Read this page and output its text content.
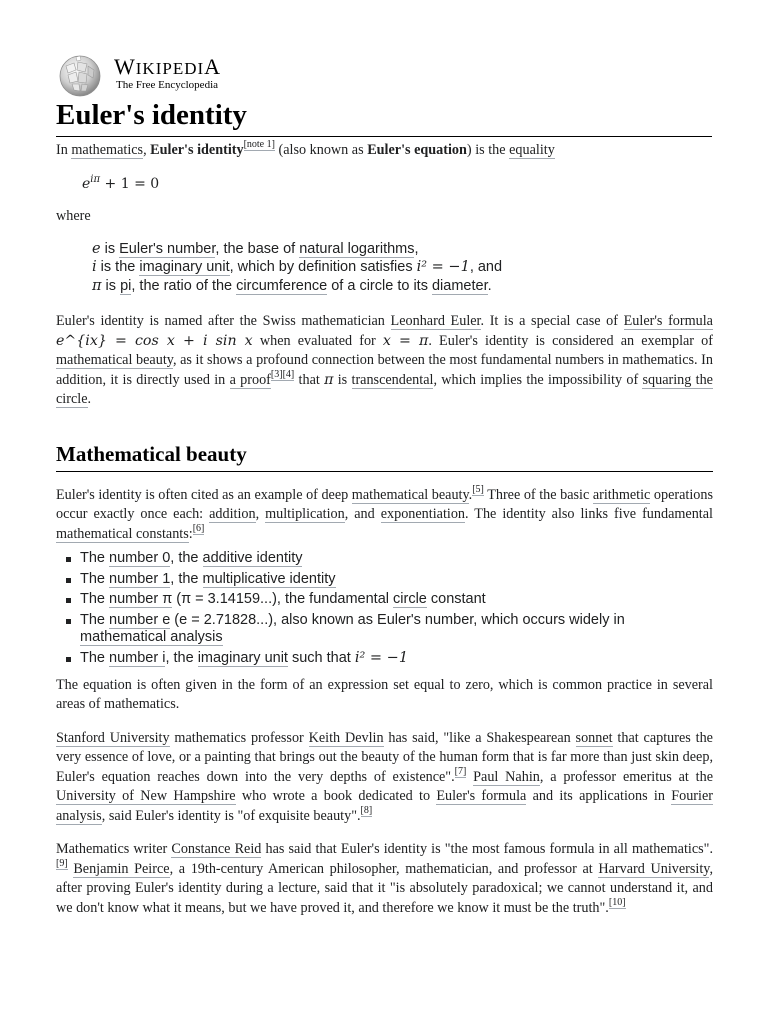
WIKIPEDIA
The Free Encyclopedia
Euler's identity

In mathematics, Euler's identity[note 1] (also known as Euler's equation) is the equality

$e^{i\pi} + 1 = 0$
where
e is Euler's number, the base of natural logarithms,
i is the imaginary unit, which by definition satisfies i² = −1, and
π is pi, the ratio of the circumference of a circle to its diameter.

Euler's identity is named after the Swiss mathematician Leonhard Euler. It is a special case of Euler's formula e^{ix} = cos x + i sin x when evaluated for x = π. Euler's identity is considered an exemplar of mathematical beauty, as it shows a profound connection between the most fundamental numbers in mathematics. In addition, it is directly used in a proof[3][4] that π is transcendental, which implies the impossibility of squaring the circle.

Mathematical beauty

Euler's identity is often cited as an example of deep mathematical beauty.[5] Three of the basic arithmetic operations occur exactly once each: addition, multiplication, and exponentiation. The identity also links five fundamental mathematical constants:[6]

The number 0, the additive identity
The number 1, the multiplicative identity
The number π (π = 3.14159...), the fundamental circle constant
The number e (e = 2.71828...), also known as Euler's number, which occurs widely in mathematical analysis
The number i, the imaginary unit such that i² = −1

The equation is often given in the form of an expression set equal to zero, which is common practice in several areas of mathematics.

Stanford University mathematics professor Keith Devlin has said, "like a Shakespearean sonnet that captures the very essence of love, or a painting that brings out the beauty of the human form that is far more than just skin deep, Euler's equation reaches down into the very depths of existence".[7] Paul Nahin, a professor emeritus at the University of New Hampshire who wrote a book dedicated to Euler's formula and its applications in Fourier analysis, said Euler's identity is "of exquisite beauty".[8]

Mathematics writer Constance Reid has said that Euler's identity is "the most famous formula in all mathematics".[9] Benjamin Peirce, a 19th-century American philosopher, mathematician, and professor at Harvard University, after proving Euler's identity during a lecture, said that it "is absolutely paradoxical; we cannot understand it, and we don't know what it means, but we have proved it, and therefore we know it must be the truth".[10]
